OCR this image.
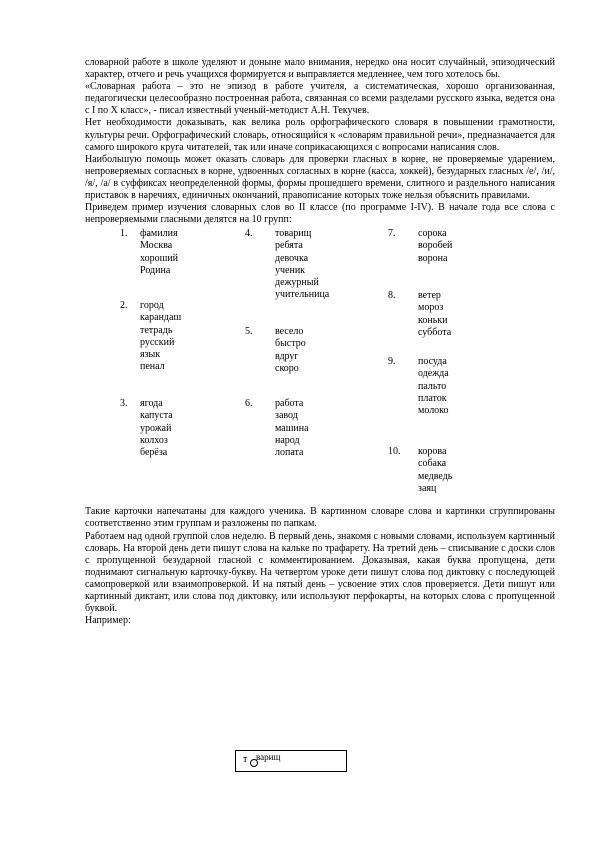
словарной работе в школе уделяют и доныне мало внимания, нередко она носит случайный, эпизодический характер, отчего и речь учащихся формируется и выправляется медленнее, чем того хотелось бы.

«Словарная работа – это не эпизод в работе учителя, а систематическая, хорошо организованная, педагогически целесообразно построенная работа, связанная со всеми разделами русского языка, ведется она с I по X класс», - писал известный ученый-методист А.Н. Текучев.

Нет необходимости доказывать, как велика роль орфографического словаря в повышении грамотности, культуры речи. Орфографический словарь, относящийся к «словарям правильной речи», предназначается для самого широкого круга читателей, так или иначе соприкасающихся с вопросами написания слов.

Наибольшую помощь может оказать словарь для проверки гласных в корне, не проверяемые ударением, непроверяемых согласных в корне, удвоенных согласных в корне (касса, хоккей), безударных гласных /е/, /и/, /я/, /а/ в суффиксах неопределенной формы, формы прошедшего времени, слитного и раздельного написания приставок в наречиях, единичных окончаний, правописание которых тоже нельзя объяснить правилами.

Приведем пример изучения словарных слов во II классе (по программе I-IV). В начале года все слова с непроверяемыми гласными делятся на 10 групп:

1. фамилия
Москва
хороший
Родина
2. город
карандаш
тетрадь
русский
язык
пенал
3. ягода
капуста
урожай
колхоз
берёза
4. товарищ
ребята
девочка
ученик
дежурный
учительница
5. весело
быстро
вдруг
скоро
6. работа
завод
машина
народ
лопата
7. сорока
воробей
ворона
8. ветер
мороз
коньки
суббота
9. посуда
одежда
пальто
платок
молоко
10. корова
собака
медведь
заяц

Такие карточки напечатаны для каждого ученика. В картинном словаре слова и картинки сгруппированы соответственно этим группам и разложены по папкам.

Работаем над одной группой слов неделю. В первый день, знакомя с новыми словами, используем картинный словарь. На второй день дети пишут слова на кальке по трафарету. На третий день – списывание с доски слов с пропущенной безударной гласной с комментированием. Доказывая, какая буква пропущена, дети поднимают сигнальную карточку-букву. На четвертом уроке дети пишут слова под диктовку с последующей самопроверкой или взаимопроверкой. И на пятый день – усвоение этих слов проверяется. Дети пишут или картинный диктант, или слова под диктовку, или используют перфокарты, на которых слова с пропущенной буквой.

Например:

т варищ
